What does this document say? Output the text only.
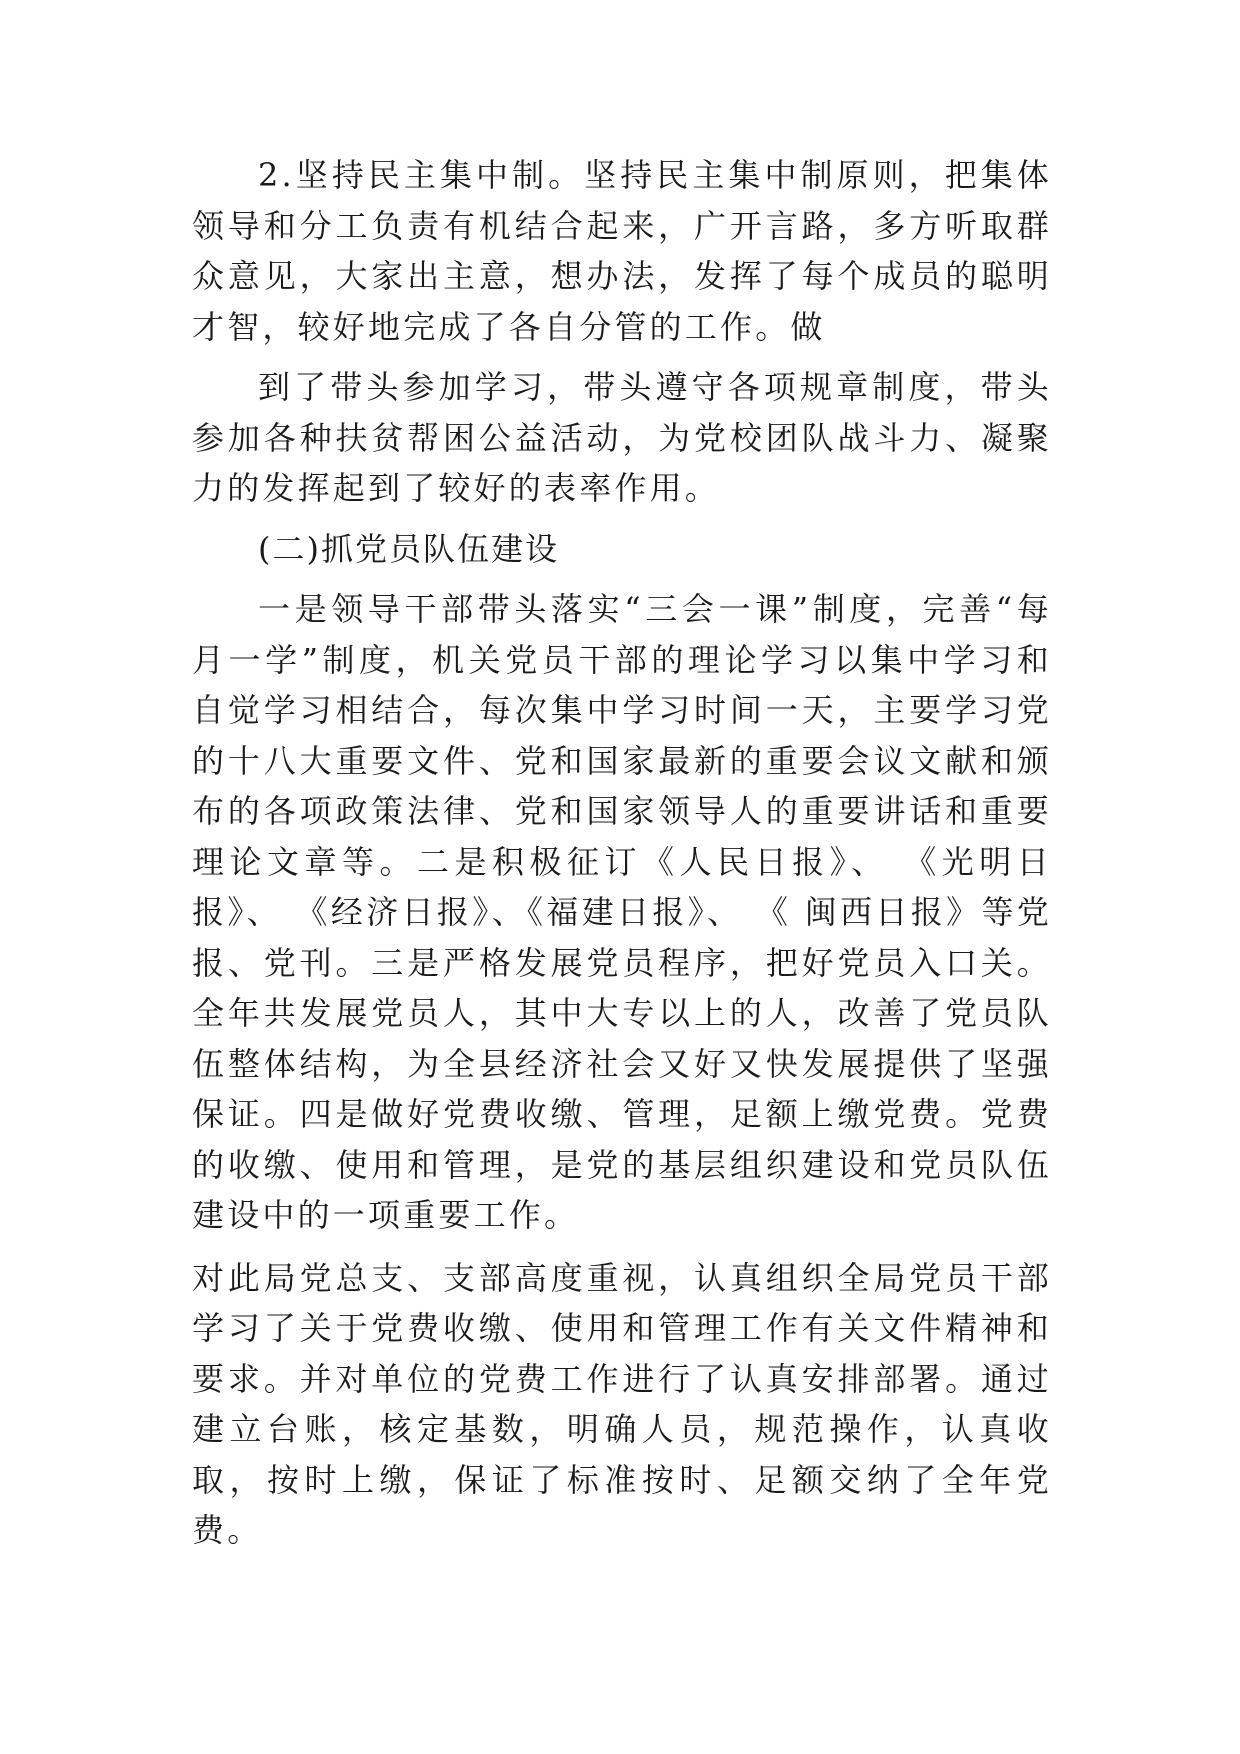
2.坚持民主集中制。坚持民主集中制原则，把集体领导和分工负责有机结合起来，广开言路，多方听取群众意见，大家出主意，想办法，发挥了每个成员的聪明才智，较好地完成了各自分管的工作。做

到了带头参加学习，带头遵守各项规章制度，带头参加各种扶贫帮困公益活动，为党校团队战斗力、凝聚力的发挥起到了较好的表率作用。

(二)抓党员队伍建设

一是领导干部带头落实“三会一课”制度，完善“每月一学”制度，机关党员干部的理论学习以集中学习和自觉学习相结合，每次集中学习时间一天，主要学习党的十八大重要文件、党和国家最新的重要会议文献和颁布的各项政策法律、党和国家领导人的重要讲话和重要理论文章等。二是积极征订《人民日报》、 《光明日报》、 《经济日报》、《福建日报》、 《 闽西日报》等党报、党刊。三是严格发展党员程序，把好党员入口关。全年共发展党员人，其中大专以上的人，改善了党员队伍整体结构，为全县经济社会又好又快发展提供了坚强保证。四是做好党费收缴、管理，足额上缴党费。党费的收缴、使用和管理，是党的基层组织建设和党员队伍建设中的一项重要工作。

对此局党总支、支部高度重视，认真组织全局党员干部学习了关于党费收缴、使用和管理工作有关文件精神和要求。并对单位的党费工作进行了认真安排部署。通过建立台账，核定基数，明确人员，规范操作，认真收取，按时上缴，保证了标准按时、足额交纳了全年党费。
